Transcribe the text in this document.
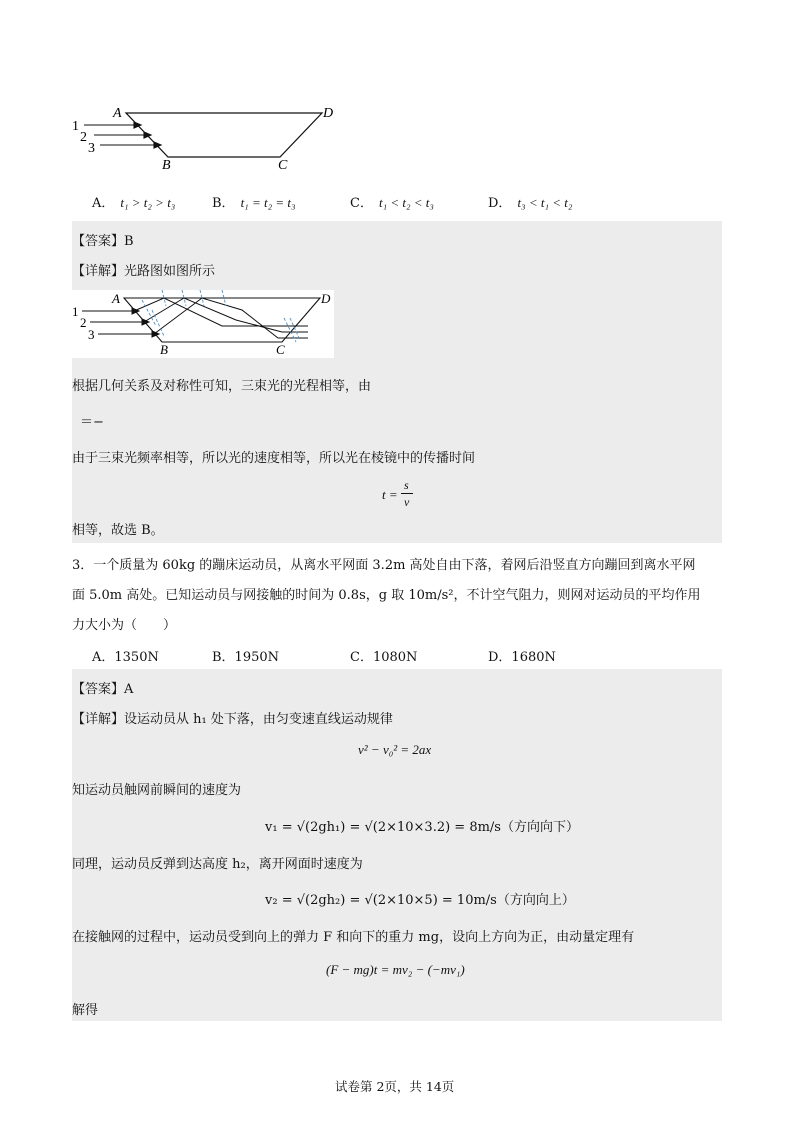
A	D
B	C
1
2
3
A． t₁ > t₂ > t₃	B． t₁ = t₂ = t₃	C． t₁ < t₂ < t₃	D． t₃ < t₁ < t₂
【答案】B
【详解】光路图如图所示
A	D
B	C
1
2
3
根据几何关系及对称性可知，三束光的光程相等，由
＝−
由于三束光频率相等，所以光的速度相等，所以光在棱镜中的传播时间
t =
s
v
相等，故选 B。
3．一个质量为 60kg 的蹦床运动员，从离水平网面 3.2m 高处自由下落，着网后沿竖直方向蹦回到离水平网
面 5.0m 高处。已知运动员与网接触的时间为 0.8s，g 取 10m/s²，不计空气阻力，则网对运动员的平均作用
力大小为（　　）
A．1350N	B．1950N	C．1080N	D．1680N
【答案】A
【详解】设运动员从 h₁ 处下落，由匀变速直线运动规律
v² − v₀² = 2ax
知运动员触网前瞬间的速度为
v₁ = √(2gh₁) = √(2×10×3.2) = 8m/s（方向向下）
同理，运动员反弹到达高度 h₂，离开网面时速度为
v₂ = √(2gh₂) = √(2×10×5) = 10m/s（方向向上）
在接触网的过程中，运动员受到向上的弹力 F 和向下的重力 mg，设向上方向为正，由动量定理有
(F − mg)t = mv₂ − (−mv₁)
解得
试卷第 2页，共 14页
